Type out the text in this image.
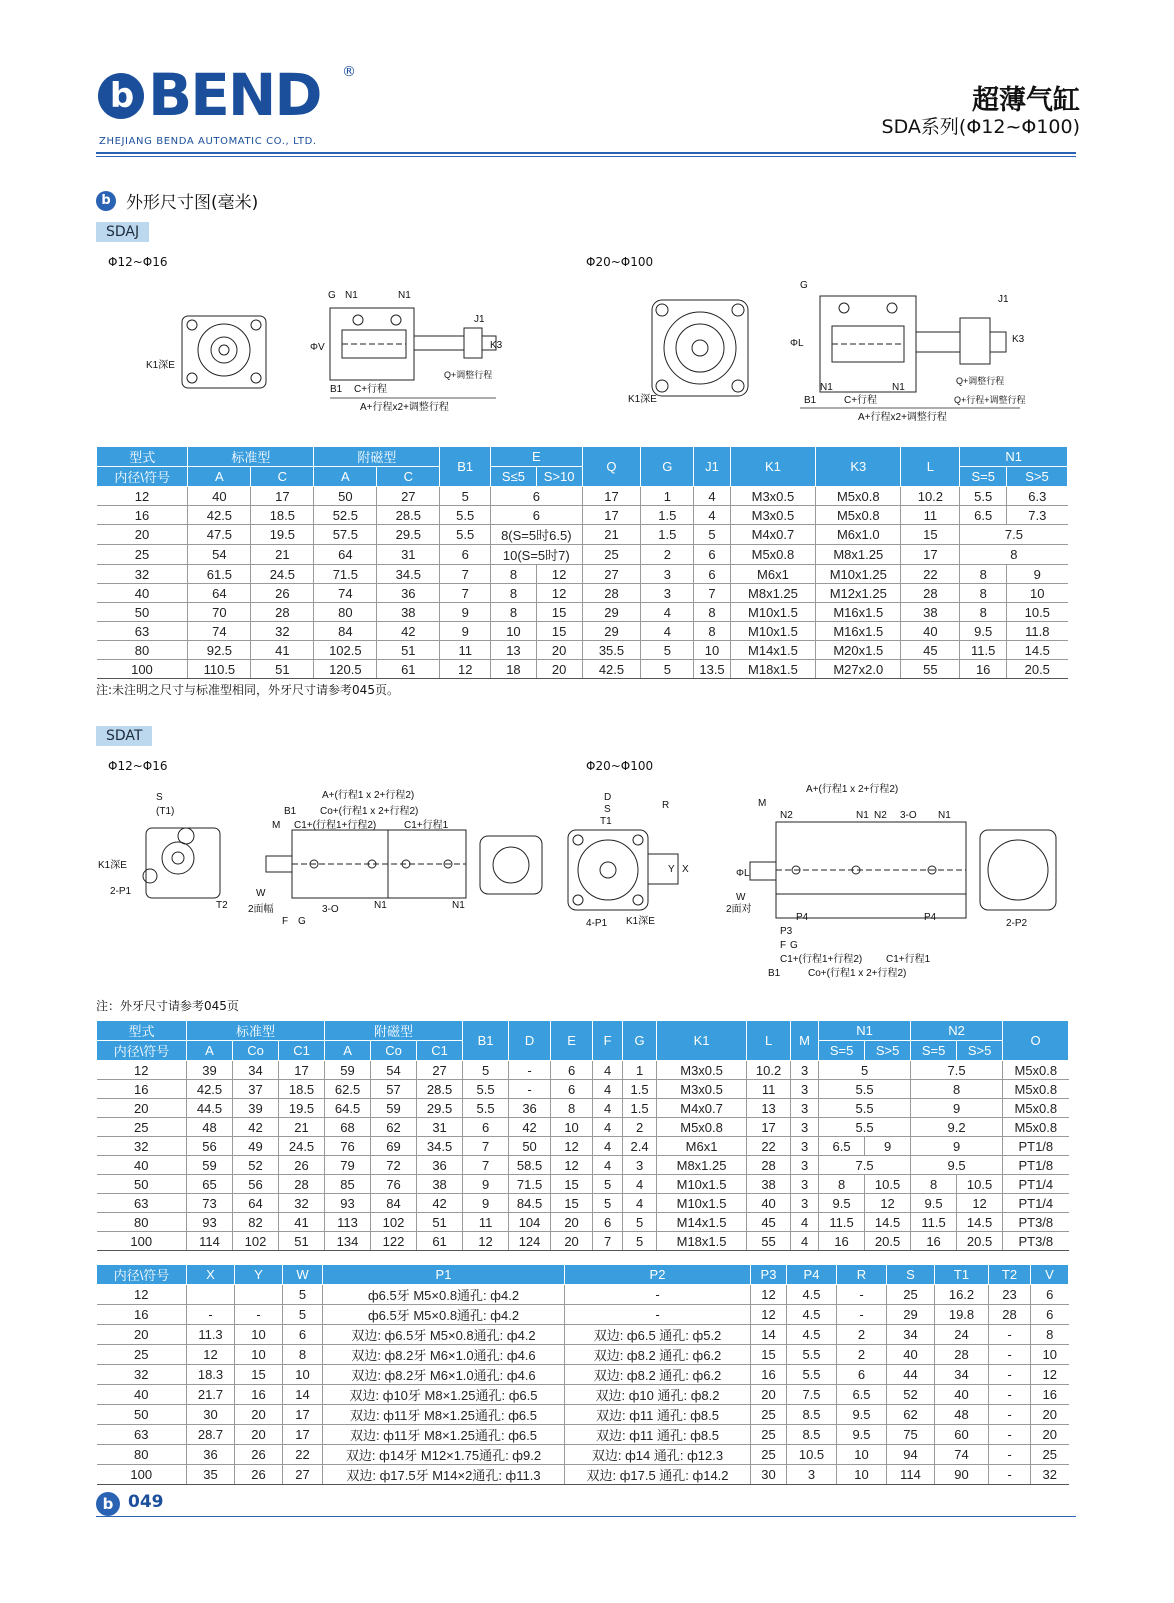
b BEND	®
ZHEJIANG BENDA AUTOMATIC CO., LTD.
超薄气缸
SDA系列(Φ12~Φ100)
b 外形尺寸图(毫米)
SDAJ
Φ12~Φ16	Φ20~Φ100
K1深E
G N1	N1
J1
K3
ΦV
B1 C+行程
Q+调整行程
A+行程x2+调整行程
K1深E
G
J1
K3
ΦL
N1	N1
Q+调整行程
B1	C+行程	Q+行程+调整行程
A+行程x2+调整行程
型式	标准型		附磁型		B1	E		Q	G	J1	K1	K3	L	N1	
内径\符号	A	C	A	C		S≤5	S>10							S=5	S>5
12	40	17	50	27	5	6		17	1	4	M3x0.5	M5x0.8	10.2	5.5	6.3
16	42.5	18.5	52.5	28.5	5.5	6		17	1.5	4	M3x0.5	M5x0.8	11	6.5	7.3
20	47.5	19.5	57.5	29.5	5.5	8(S=5时6.5)		21	1.5	5	M4x0.7	M6x1.0	15	7.5	
25	54	21	64	31	6	10(S=5时7)		25	2	6	M5x0.8	M8x1.25	17	8	
32	61.5	24.5	71.5	34.5	7	8	12	27	3	6	M6x1	M10x1.25	22	8	9
40	64	26	74	36	7	8	12	28	3	7	M8x1.25	M12x1.25	28	8	10
50	70	28	80	38	9	8	15	29	4	8	M10x1.5	M16x1.5	38	8	10.5
63	74	32	84	42	9	10	15	29	4	8	M10x1.5	M16x1.5	40	9.5	11.8
80	92.5	41	102.5	51	11	13	20	35.5	5	10	M14x1.5	M20x1.5	45	11.5	14.5
100	110.5	51	120.5	61	12	18	20	42.5	5	13.5	M18x1.5	M27x2.0	55	16	20.5
注:未注明之尺寸与标准型相同，外牙尺寸请参考045页。
SDAT
Φ12~Φ16	Φ20~Φ100
S
(T1)
K1深E
2-P1
T2
A+(行程1 x 2+行程2)
B1 Co+(行程1 x 2+行程2)
M C1+(行程1+行程2)	C1+行程1
W
2面幅
F G
3-O	N1	N1
D
S
T1
R
Y X
4-P1 K1深E
M
A+(行程1 x 2+行程2)
N2	N1 N2 3-O N1
ΦL
W
2面对
P4	P4
P3
F G
C1+(行程1+行程2) C1+行程1
B1	Co+(行程1 x 2+行程2)
2-P2
注：外牙尺寸请参考045页
型式	标准型			附磁型			B1	D	E	F	G	K1	L	M	N1		N2		O
内径\符号	A	Co	C1	A	Co	C1									S=5	S>5	S=5	S>5	
12	39	34	17	59	54	27	5	-	6	4	1	M3x0.5	10.2	3	5		7.5		M5x0.8
16	42.5	37	18.5	62.5	57	28.5	5.5	-	6	4	1.5	M3x0.5	11	3	5.5		8		M5x0.8
20	44.5	39	19.5	64.5	59	29.5	5.5	36	8	4	1.5	M4x0.7	13	3	5.5		9		M5x0.8
25	48	42	21	68	62	31	6	42	10	4	2	M5x0.8	17	3	5.5		9.2		M5x0.8
32	56	49	24.5	76	69	34.5	7	50	12	4	2.4	M6x1	22	3	6.5	9	9		PT1/8
40	59	52	26	79	72	36	7	58.5	12	4	3	M8x1.25	28	3	7.5		9.5		PT1/8
50	65	56	28	85	76	38	9	71.5	15	5	4	M10x1.5	38	3	8	10.5	8	10.5	PT1/4
63	73	64	32	93	84	42	9	84.5	15	5	4	M10x1.5	40	3	9.5	12	9.5	12	PT1/4
80	93	82	41	113	102	51	11	104	20	6	5	M14x1.5	45	4	11.5	14.5	11.5	14.5	PT3/8
100	114	102	51	134	122	61	12	124	20	7	5	M18x1.5	55	4	16	20.5	16	20.5	PT3/8
内径\符号	X	Y	W	P1	P2	P3	P4	R	S	T1	T2	V
12			5	ф6.5牙 M5×0.8通孔: ф4.2	-	12	4.5	-	25	16.2	23	6
16	-	-	5	ф6.5牙 M5×0.8通孔: ф4.2	-	12	4.5	-	29	19.8	28	6
20	11.3	10	6	双边: ф6.5牙 M5×0.8通孔: ф4.2	双边: ф6.5 通孔: ф5.2	14	4.5	2	34	24	-	8
25	12	10	8	双边: ф8.2牙 M6×1.0通孔: ф4.6	双边: ф8.2 通孔: ф6.2	15	5.5	2	40	28	-	10
32	18.3	15	10	双边: ф8.2牙 M6×1.0通孔: ф4.6	双边: ф8.2 通孔: ф6.2	16	5.5	6	44	34	-	12
40	21.7	16	14	双边: ф10牙 M8×1.25通孔: ф6.5	双边: ф10 通孔: ф8.2	20	7.5	6.5	52	40	-	16
50	30	20	17	双边: ф11牙 M8×1.25通孔: ф6.5	双边: ф11 通孔: ф8.5	25	8.5	9.5	62	48	-	20
63	28.7	20	17	双边: ф11牙 M8×1.25通孔: ф6.5	双边: ф11 通孔: ф8.5	25	8.5	9.5	75	60	-	20
80	36	26	22	双边: ф14牙 M12×1.75通孔: ф9.2	双边: ф14 通孔: ф12.3	25	10.5	10	94	74	-	25
100	35	26	27	双边: ф17.5牙 M14×2通孔: ф11.3	双边: ф17.5 通孔: ф14.2	30	3	10	114	90	-	32
b 049
